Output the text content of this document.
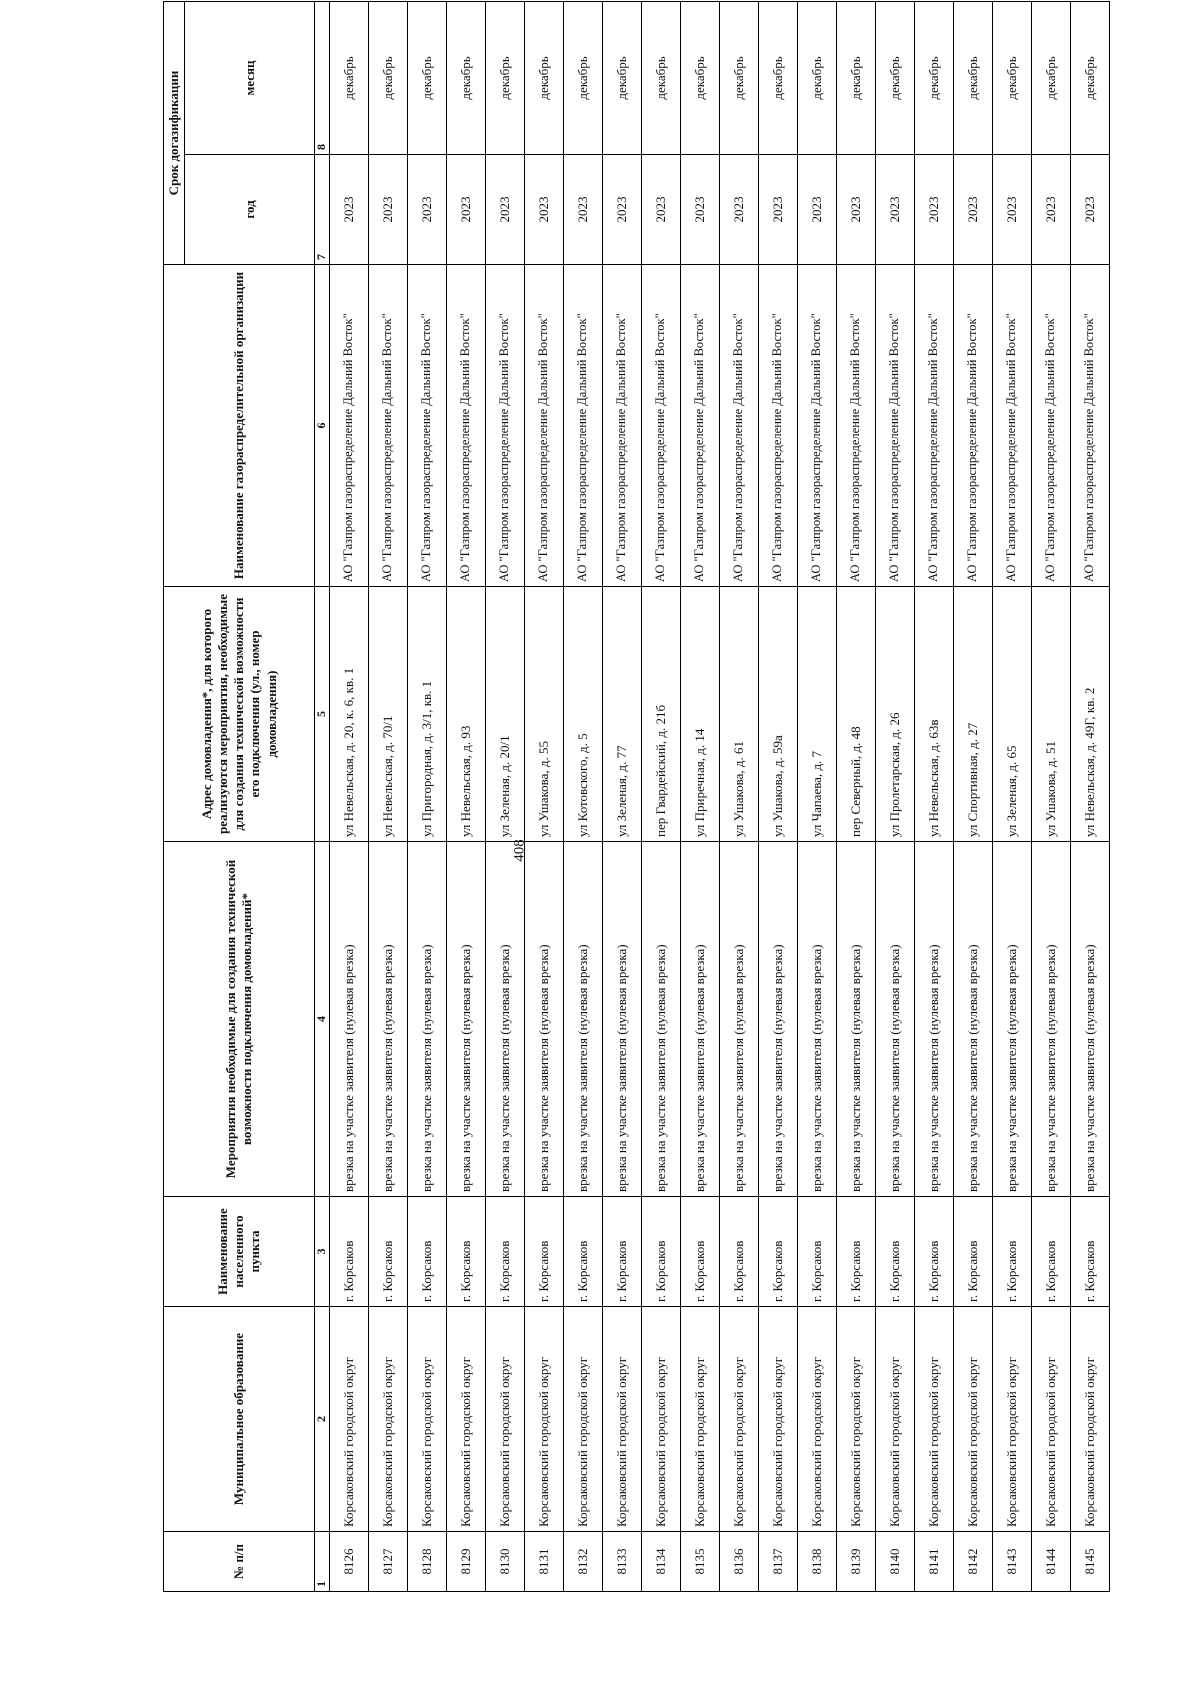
408
№ п/п	Муниципальное образование	Наименование населенного пункта	Мероприятия необходимые для создания технической возможности подключения домовладений*	Адрес домовладения*, для которого реализуются мероприятия, необходимые для создания технической возможности его подключения (ул., номер домовладения)	Наименование газораспределительной организации	Срок догазификации	
						год	месяц
1	2	3	4	5	6	7	8
8126	Корсаковский городской округ	г. Корсаков	врезка на участке заявителя (нулевая врезка)	ул Невельская, д. 20, к. 6, кв. 1	АО "Газпром газораспределение Дальний Восток"	2023	декабрь
8127	Корсаковский городской округ	г. Корсаков	врезка на участке заявителя (нулевая врезка)	ул Невельская, д. 70/1	АО "Газпром газораспределение Дальний Восток"	2023	декабрь
8128	Корсаковский городской округ	г. Корсаков	врезка на участке заявителя (нулевая врезка)	ул Пригородная, д. 3/1, кв. 1	АО "Газпром газораспределение Дальний Восток"	2023	декабрь
8129	Корсаковский городской округ	г. Корсаков	врезка на участке заявителя (нулевая врезка)	ул Невельская, д. 93	АО "Газпром газораспределение Дальний Восток"	2023	декабрь
8130	Корсаковский городской округ	г. Корсаков	врезка на участке заявителя (нулевая врезка)	ул Зеленая, д. 20/1	АО "Газпром газораспределение Дальний Восток"	2023	декабрь
8131	Корсаковский городской округ	г. Корсаков	врезка на участке заявителя (нулевая врезка)	ул Ушакова, д. 55	АО "Газпром газораспределение Дальний Восток"	2023	декабрь
8132	Корсаковский городской округ	г. Корсаков	врезка на участке заявителя (нулевая врезка)	ул Котовского, д. 5	АО "Газпром газораспределение Дальний Восток"	2023	декабрь
8133	Корсаковский городской округ	г. Корсаков	врезка на участке заявителя (нулевая врезка)	ул Зеленая, д. 77	АО "Газпром газораспределение Дальний Восток"	2023	декабрь
8134	Корсаковский городской округ	г. Корсаков	врезка на участке заявителя (нулевая врезка)	пер Гвардейский, д. 21б	АО "Газпром газораспределение Дальний Восток"	2023	декабрь
8135	Корсаковский городской округ	г. Корсаков	врезка на участке заявителя (нулевая врезка)	ул Приречная, д. 14	АО "Газпром газораспределение Дальний Восток"	2023	декабрь
8136	Корсаковский городской округ	г. Корсаков	врезка на участке заявителя (нулевая врезка)	ул Ушакова, д. 61	АО "Газпром газораспределение Дальний Восток"	2023	декабрь
8137	Корсаковский городской округ	г. Корсаков	врезка на участке заявителя (нулевая врезка)	ул Ушакова, д. 59а	АО "Газпром газораспределение Дальний Восток"	2023	декабрь
8138	Корсаковский городской округ	г. Корсаков	врезка на участке заявителя (нулевая врезка)	ул Чапаева, д. 7	АО "Газпром газораспределение Дальний Восток"	2023	декабрь
8139	Корсаковский городской округ	г. Корсаков	врезка на участке заявителя (нулевая врезка)	пер Северный, д. 48	АО "Газпром газораспределение Дальний Восток"	2023	декабрь
8140	Корсаковский городской округ	г. Корсаков	врезка на участке заявителя (нулевая врезка)	ул Пролетарская, д. 26	АО "Газпром газораспределение Дальний Восток"	2023	декабрь
8141	Корсаковский городской округ	г. Корсаков	врезка на участке заявителя (нулевая врезка)	ул Невельская, д. 63в	АО "Газпром газораспределение Дальний Восток"	2023	декабрь
8142	Корсаковский городской округ	г. Корсаков	врезка на участке заявителя (нулевая врезка)	ул Спортивная, д. 27	АО "Газпром газораспределение Дальний Восток"	2023	декабрь
8143	Корсаковский городской округ	г. Корсаков	врезка на участке заявителя (нулевая врезка)	ул Зеленая, д. 65	АО "Газпром газораспределение Дальний Восток"	2023	декабрь
8144	Корсаковский городской округ	г. Корсаков	врезка на участке заявителя (нулевая врезка)	ул Ушакова, д. 51	АО "Газпром газораспределение Дальний Восток"	2023	декабрь
8145	Корсаковский городской округ	г. Корсаков	врезка на участке заявителя (нулевая врезка)	ул Невельская, д. 49Г, кв. 2	АО "Газпром газораспределение Дальний Восток"	2023	декабрь
